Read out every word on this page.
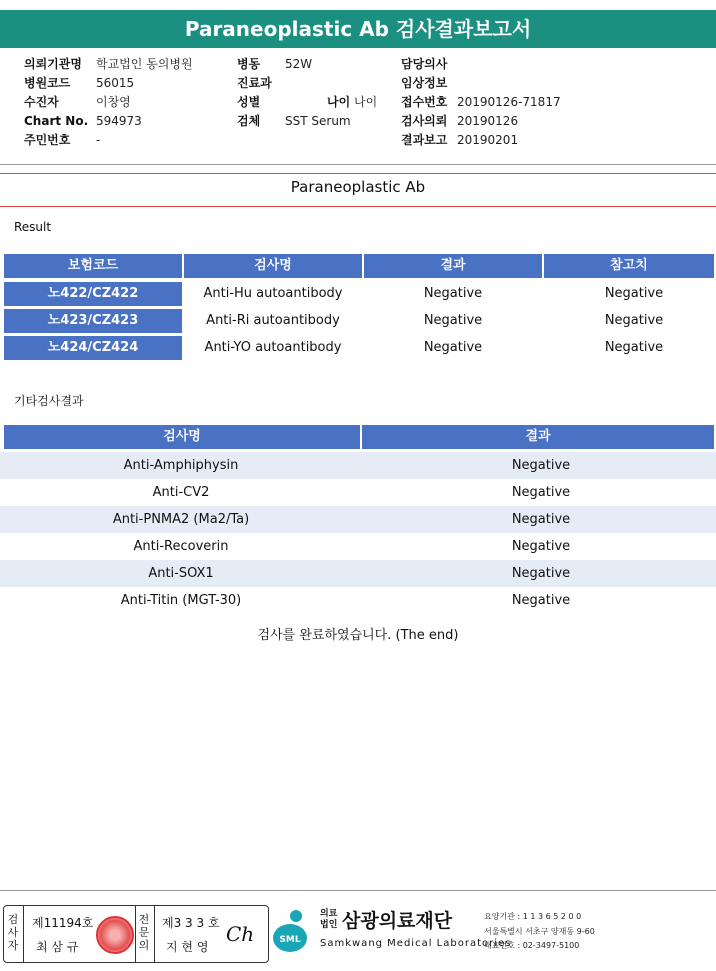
Paraneoplastic Ab 검사결과보고서
의뢰기관명 학교법인 동의병원
병원코드 56015
수진자	이창영
Chart No. 594973
주민번호 -
병동 52W
진료과
성별	나이 나이
검체 SST Serum
담당의사
임상정보
접수번호 20190126-71817
검사의뢰 20190126
결과보고 20190201
Paraneoplastic Ab
Result
보험코드	검사명	결과	참고치
노422/CZ422	Anti-Hu autoantibody	Negative	Negative
노423/CZ423	Anti-Ri autoantibody	Negative	Negative
노424/CZ424	Anti-YO autoantibody	Negative	Negative
기타검사결과
검사명	결과
Anti-Amphiphysin	Negative
Anti-CV2	Negative
Anti-PNMA2 (Ma2/Ta)	Negative
Anti-Recoverin	Negative
Anti-SOX1	Negative
Anti-Titin (MGT-30)	Negative
검사를 완료하였습니다. (The end)
검사자
제11194호
최 삼 규
전문의
제3 3 3 호
지 현 영
Ch	SML
의료법인 삼광의료재단
Samkwang Medical Laboratories
요양기관 : 1 1 3 6 5 2 0 0
서울특별시 서초구 양재동 9-60
대표번호 : 02-3497-5100
